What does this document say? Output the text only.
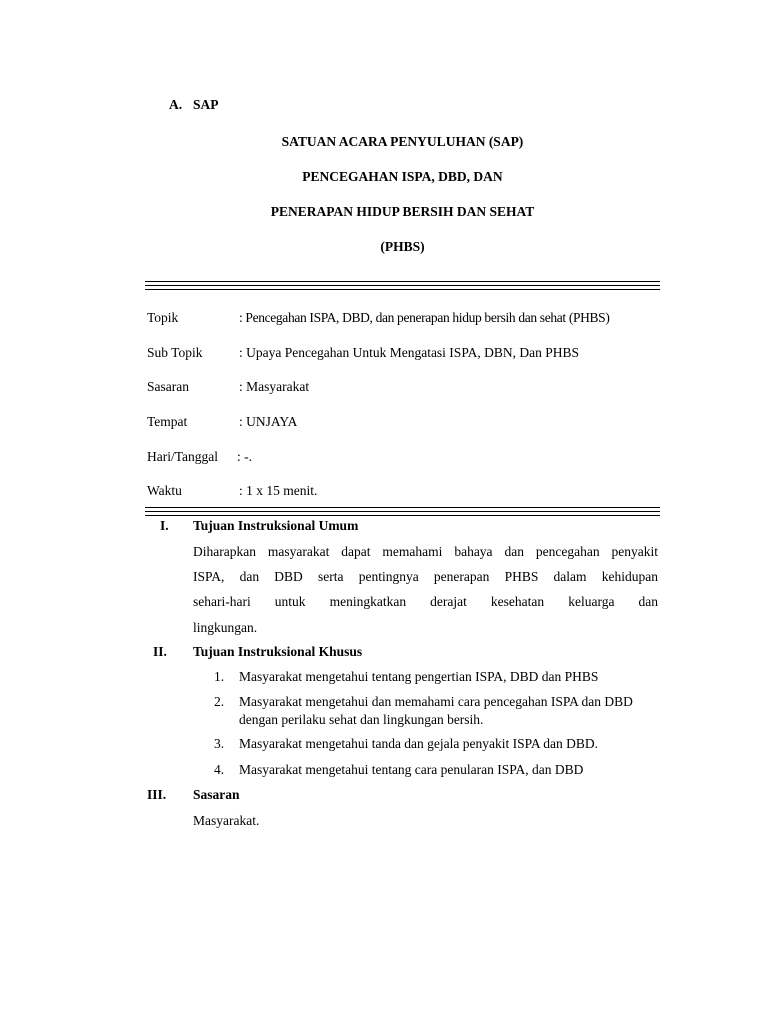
A. SAP
SATUAN ACARA PENYULUHAN (SAP)
PENCEGAHAN ISPA, DBD, DAN
PENERAPAN HIDUP BERSIH DAN SEHAT
(PHBS)
Topik	: Pencegahan ISPA, DBD, dan penerapan hidup bersih dan sehat (PHBS)
Sub Topik	: Upaya Pencegahan Untuk Mengatasi ISPA, DBN, Dan PHBS
Sasaran	: Masyarakat
Tempat	: UNJAYA
Hari/Tanggal : -.
Waktu	: 1 x 15 menit.
I. Tujuan Instruksional Umum
Diharapkan masyarakat dapat memahami bahaya dan pencegahan penyakit
ISPA, dan DBD serta pentingnya penerapan PHBS dalam kehidupan
sehari-hari untuk meningkatkan derajat kesehatan keluarga dan
lingkungan.
II. Tujuan Instruksional Khusus
1. Masyarakat mengetahui tentang pengertian ISPA, DBD dan PHBS
2. Masyarakat mengetahui dan memahami cara pencegahan ISPA dan DBD
dengan perilaku sehat dan lingkungan bersih.
3. Masyarakat mengetahui tanda dan gejala penyakit ISPA dan DBD.
4. Masyarakat mengetahui tentang cara penularan ISPA, dan DBD
III. Sasaran
Masyarakat.
